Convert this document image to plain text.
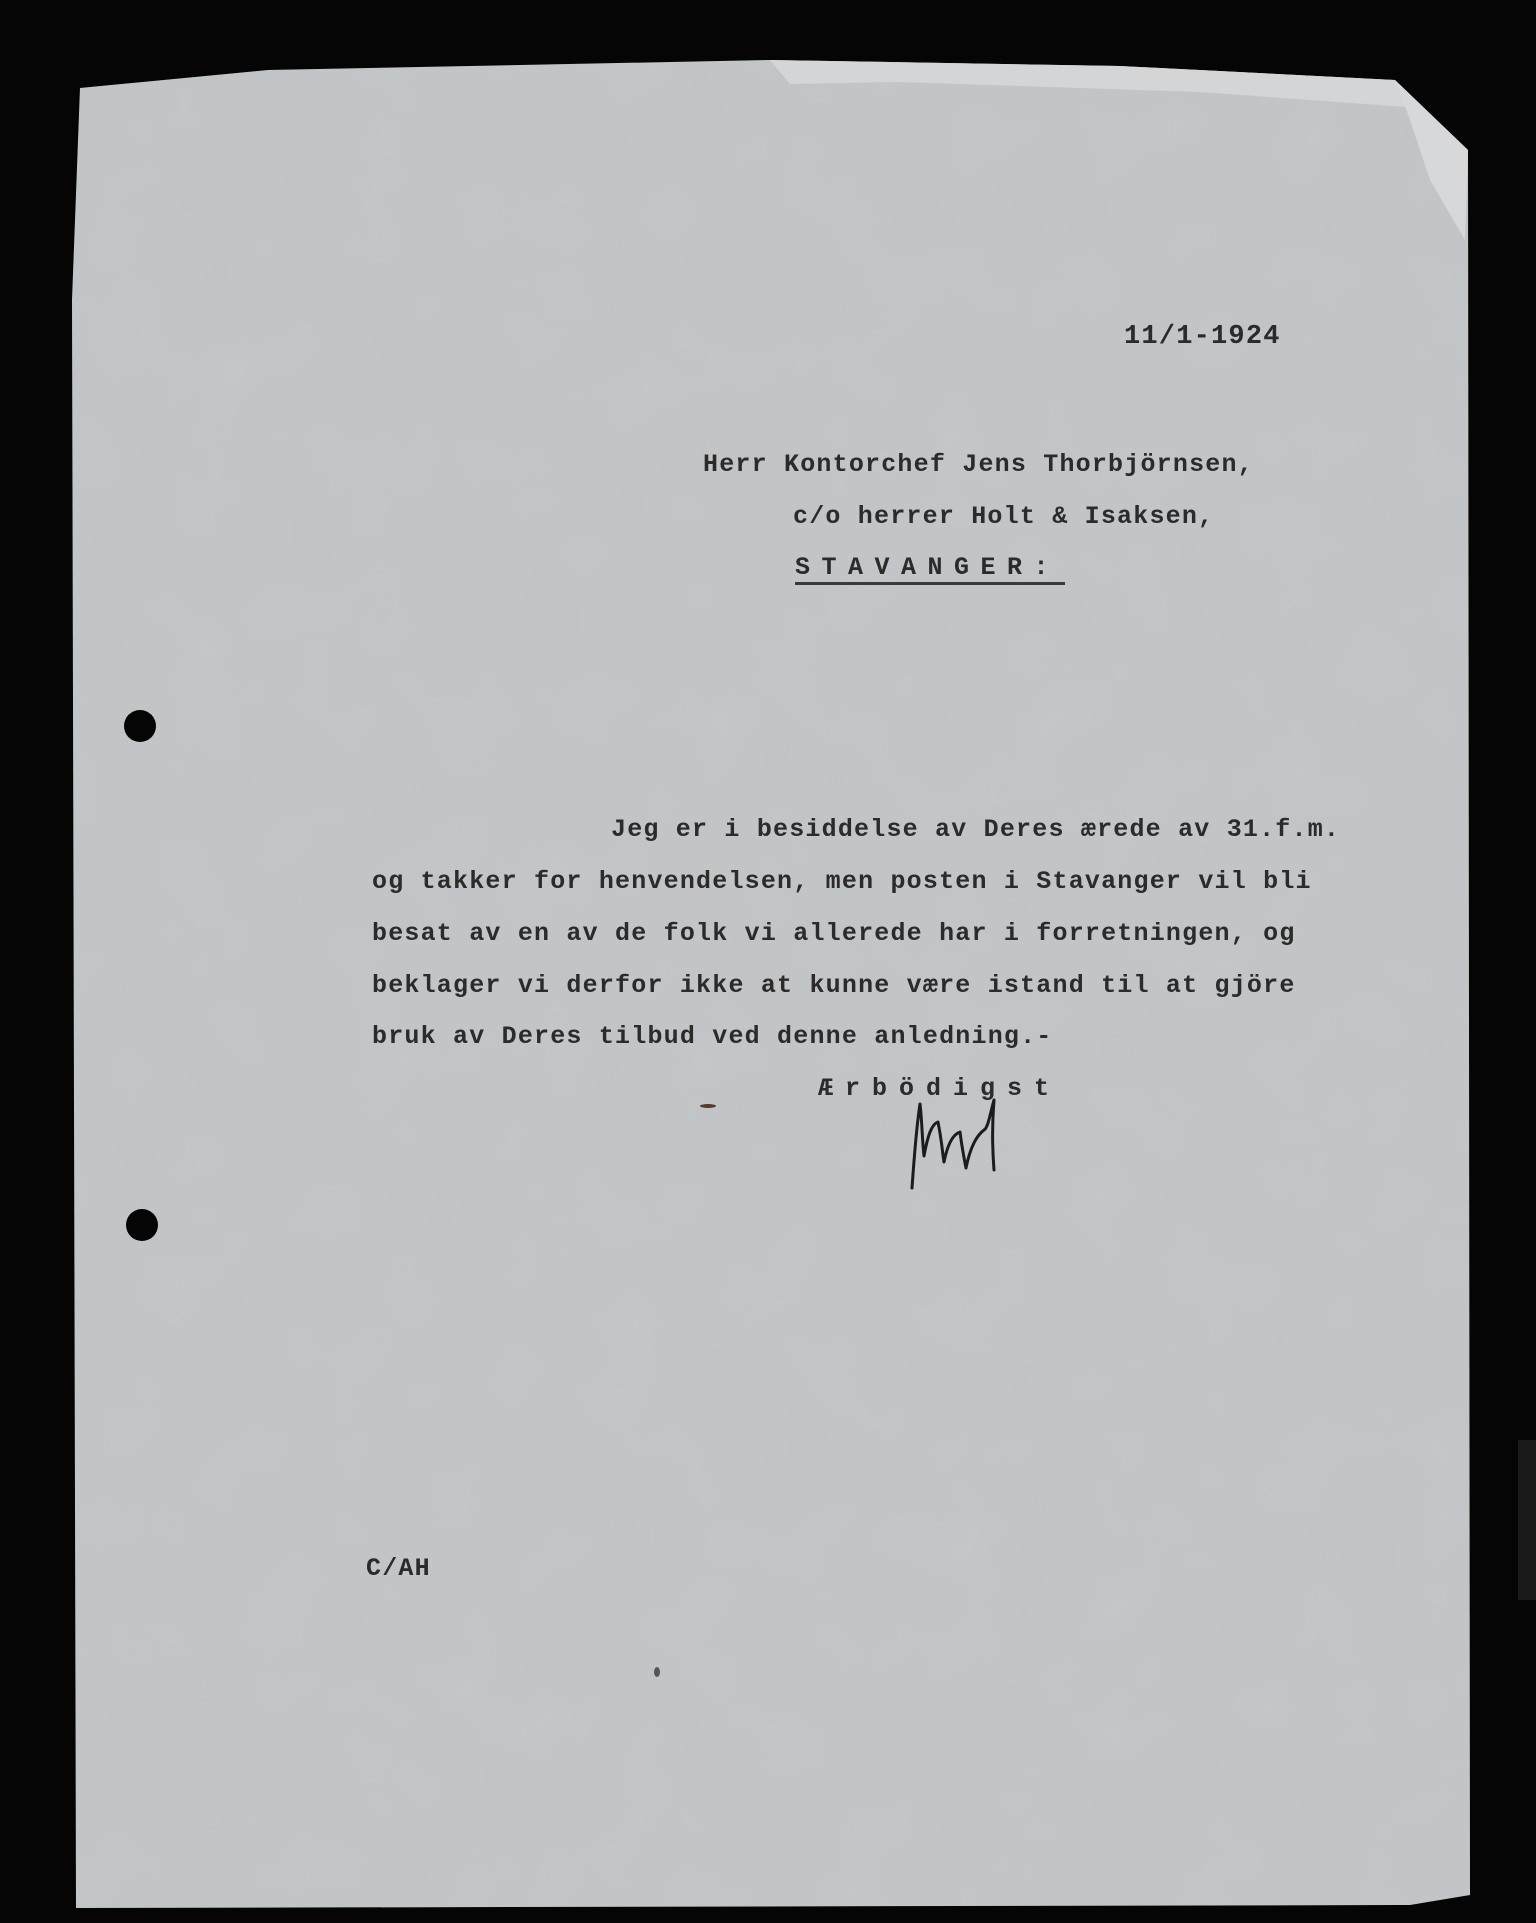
11/1-1924

Herr Kontorchef Jens Thorbjörnsen,

c/o herrer Holt & Isaksen,

STAVANGER:

Jeg er i besiddelse av Deres ærede av 31.f.m.

og takker for henvendelsen, men posten i Stavanger vil bli

besat av en av de folk vi allerede har i forretningen, og

beklager vi derfor ikke at kunne være istand til at gjöre

bruk av Deres tilbud ved denne anledning.-

Ærbödigst

C/AH
